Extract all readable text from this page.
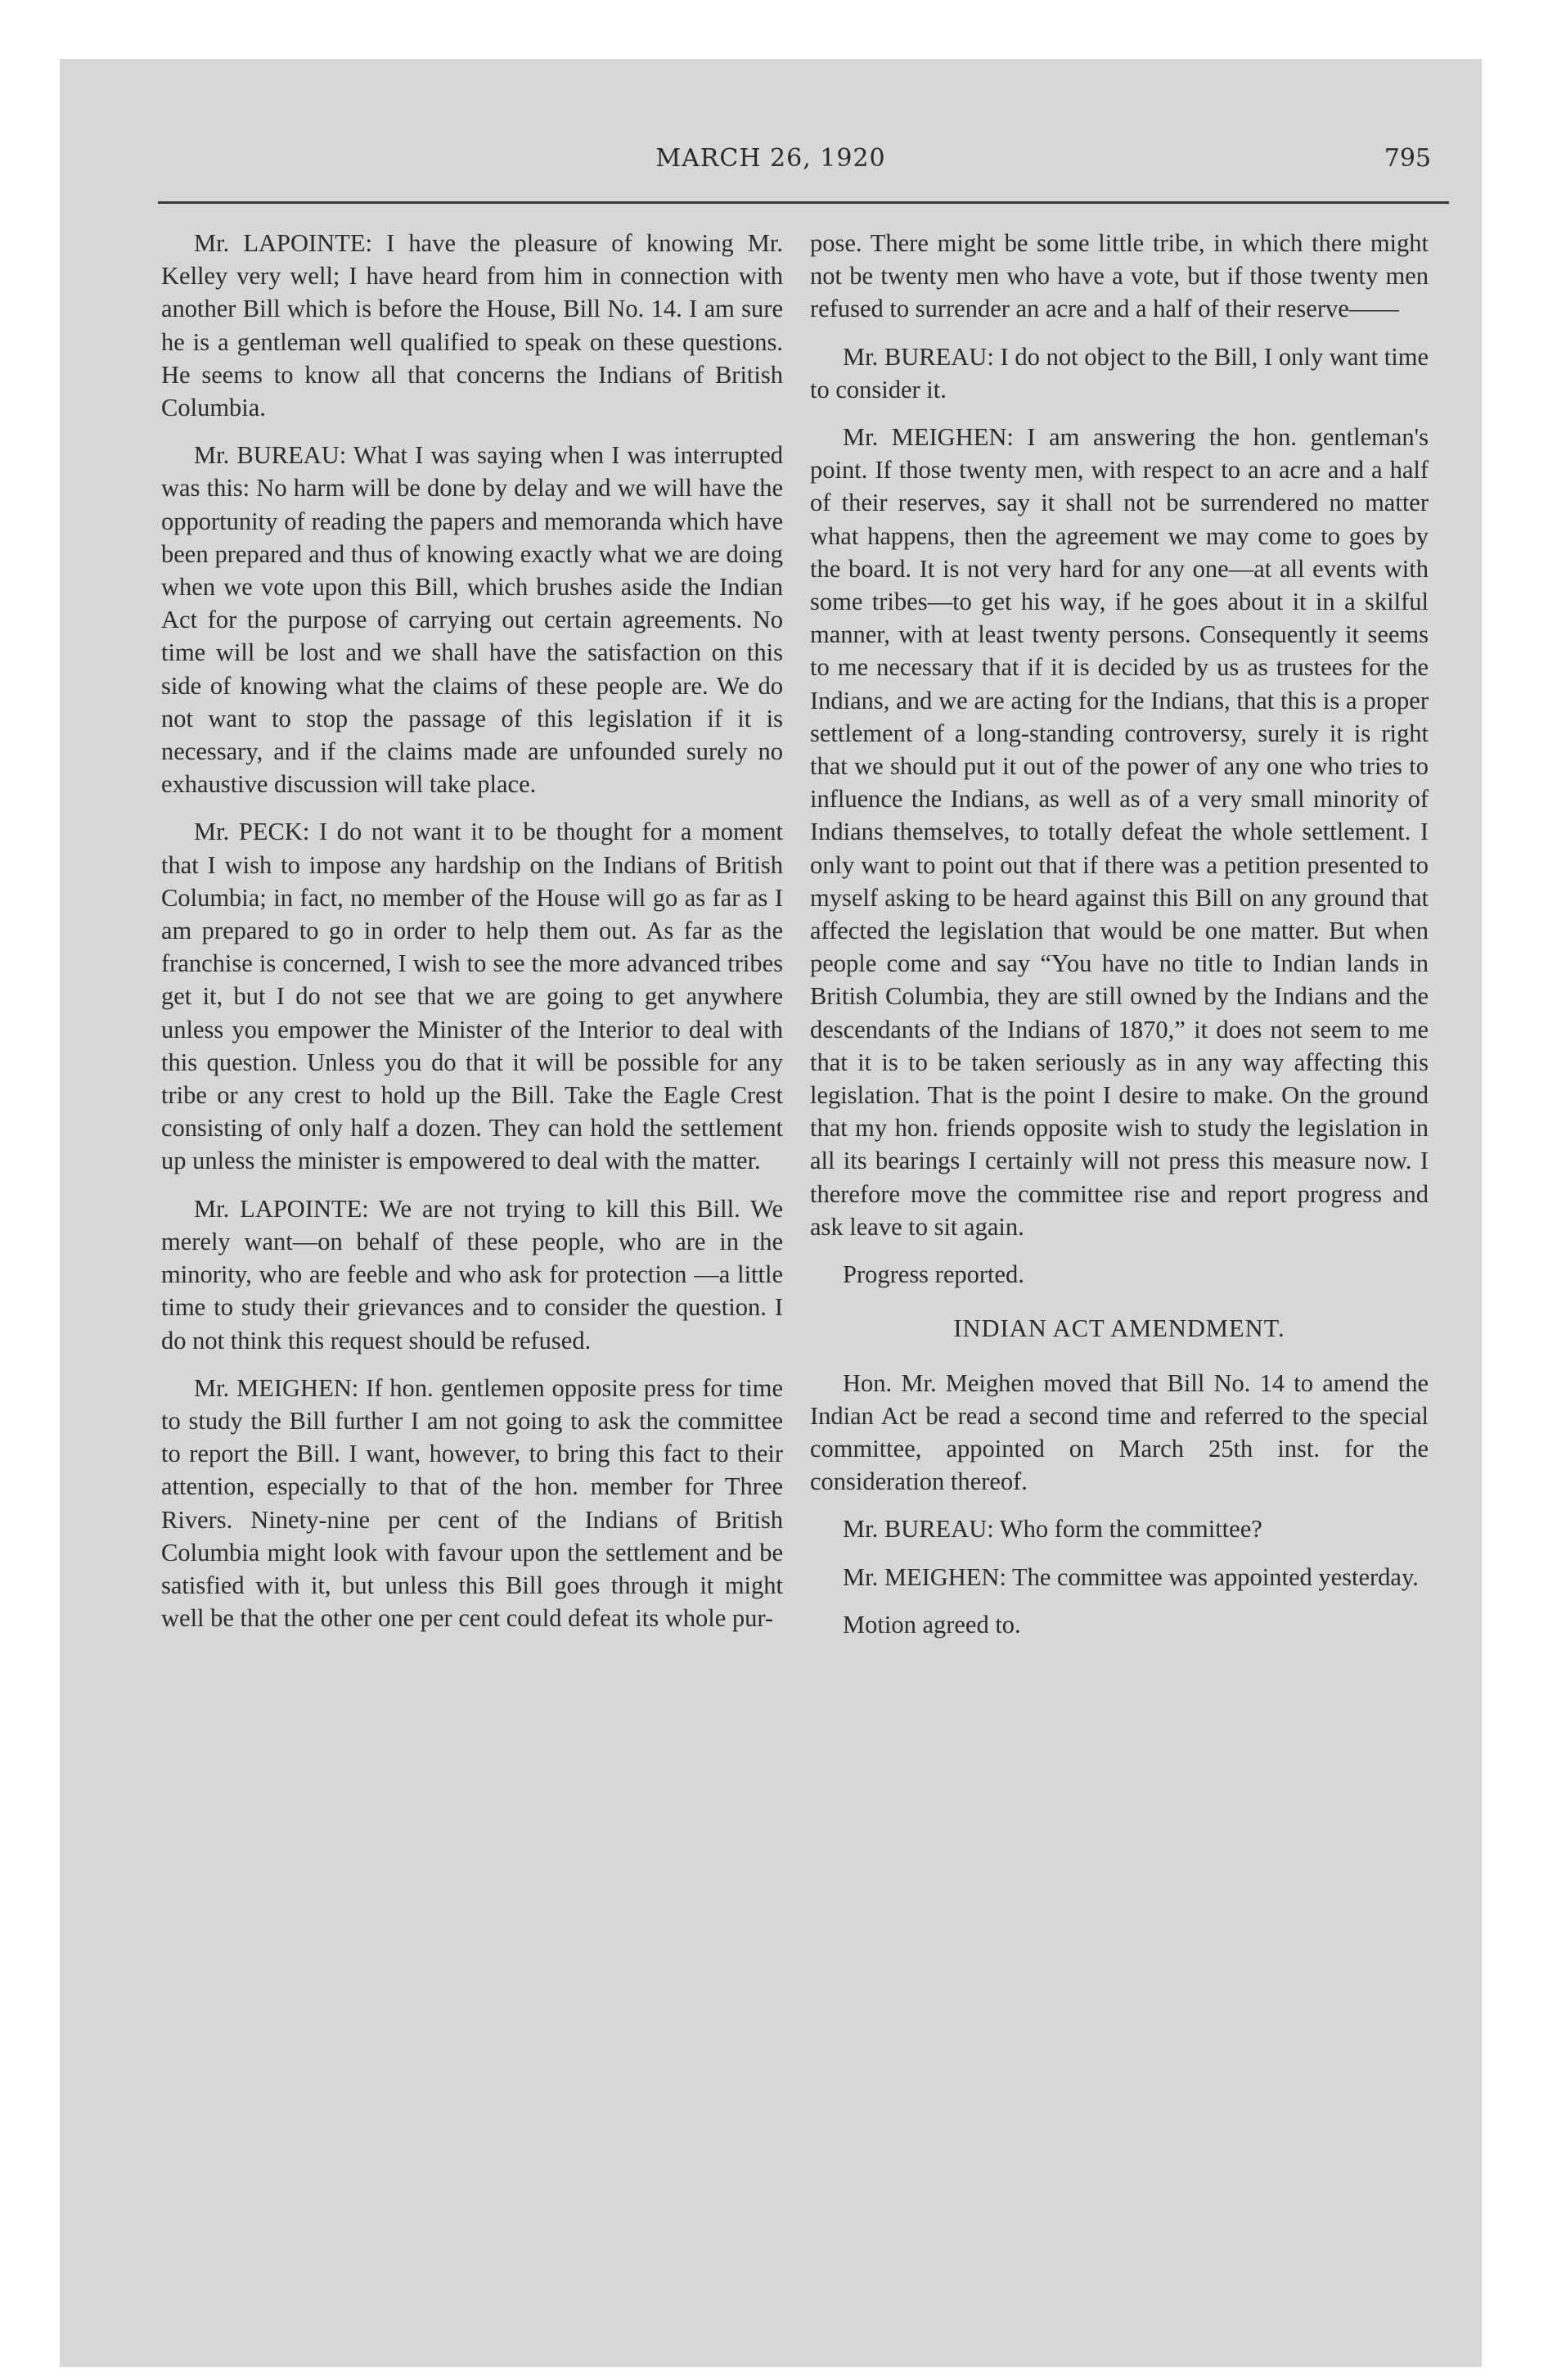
MARCH 26, 1920	795

Mr. LAPOINTE: I have the pleasure of knowing Mr. Kelley very well; I have heard from him in connection with another Bill which is before the House, Bill No. 14. I am sure he is a gentleman well qualified to speak on these questions. He seems to know all that concerns the Indians of British Columbia.

Mr. BUREAU: What I was saying when I was interrupted was this: No harm will be done by delay and we will have the opportunity of reading the papers and memoranda which have been prepared and thus of knowing exactly what we are doing when we vote upon this Bill, which brushes aside the Indian Act for the purpose of carrying out certain agreements. No time will be lost and we shall have the satisfaction on this side of knowing what the claims of these people are. We do not want to stop the passage of this legislation if it is necessary, and if the claims made are unfounded surely no exhaustive discussion will take place.

Mr. PECK: I do not want it to be thought for a moment that I wish to impose any hardship on the Indians of British Columbia; in fact, no member of the House will go as far as I am prepared to go in order to help them out. As far as the franchise is concerned, I wish to see the more advanced tribes get it, but I do not see that we are going to get anywhere unless you empower the Minister of the Interior to deal with this question. Unless you do that it will be possible for any tribe or any crest to hold up the Bill. Take the Eagle Crest consisting of only half a dozen. They can hold the settlement up unless the minister is empowered to deal with the matter.

Mr. LAPOINTE: We are not trying to kill this Bill. We merely want—on behalf of these people, who are in the minority, who are feeble and who ask for protection —a little time to study their grievances and to consider the question. I do not think this request should be refused.

Mr. MEIGHEN: If hon. gentlemen opposite press for time to study the Bill further I am not going to ask the committee to report the Bill. I want, however, to bring this fact to their attention, especially to that of the hon. member for Three Rivers. Ninety-nine per cent of the Indians of British Columbia might look with favour upon the settlement and be satisfied with it, but unless this Bill goes through it might well be that the other one per cent could defeat its whole pur-

pose. There might be some little tribe, in which there might not be twenty men who have a vote, but if those twenty men refused to surrender an acre and a half of their reserve——

Mr. BUREAU: I do not object to the Bill, I only want time to consider it.

Mr. MEIGHEN: I am answering the hon. gentleman's point. If those twenty men, with respect to an acre and a half of their reserves, say it shall not be surrendered no matter what happens, then the agreement we may come to goes by the board. It is not very hard for any one—at all events with some tribes—to get his way, if he goes about it in a skilful manner, with at least twenty persons. Consequently it seems to me necessary that if it is decided by us as trustees for the Indians, and we are acting for the Indians, that this is a proper settlement of a long-standing controversy, surely it is right that we should put it out of the power of any one who tries to influence the Indians, as well as of a very small minority of Indians themselves, to totally defeat the whole settlement. I only want to point out that if there was a petition presented to myself asking to be heard against this Bill on any ground that affected the legislation that would be one matter. But when people come and say “You have no title to Indian lands in British Columbia, they are still owned by the Indians and the descendants of the Indians of 1870,” it does not seem to me that it is to be taken seriously as in any way affecting this legislation. That is the point I desire to make. On the ground that my hon. friends opposite wish to study the legislation in all its bearings I certainly will not press this measure now. I therefore move the committee rise and report progress and ask leave to sit again.

Progress reported.

INDIAN ACT AMENDMENT.

Hon. Mr. Meighen moved that Bill No. 14 to amend the Indian Act be read a second time and referred to the special committee, appointed on March 25th inst. for the consideration thereof.

Mr. BUREAU: Who form the committee?

Mr. MEIGHEN: The committee was appointed yesterday.

Motion agreed to.
